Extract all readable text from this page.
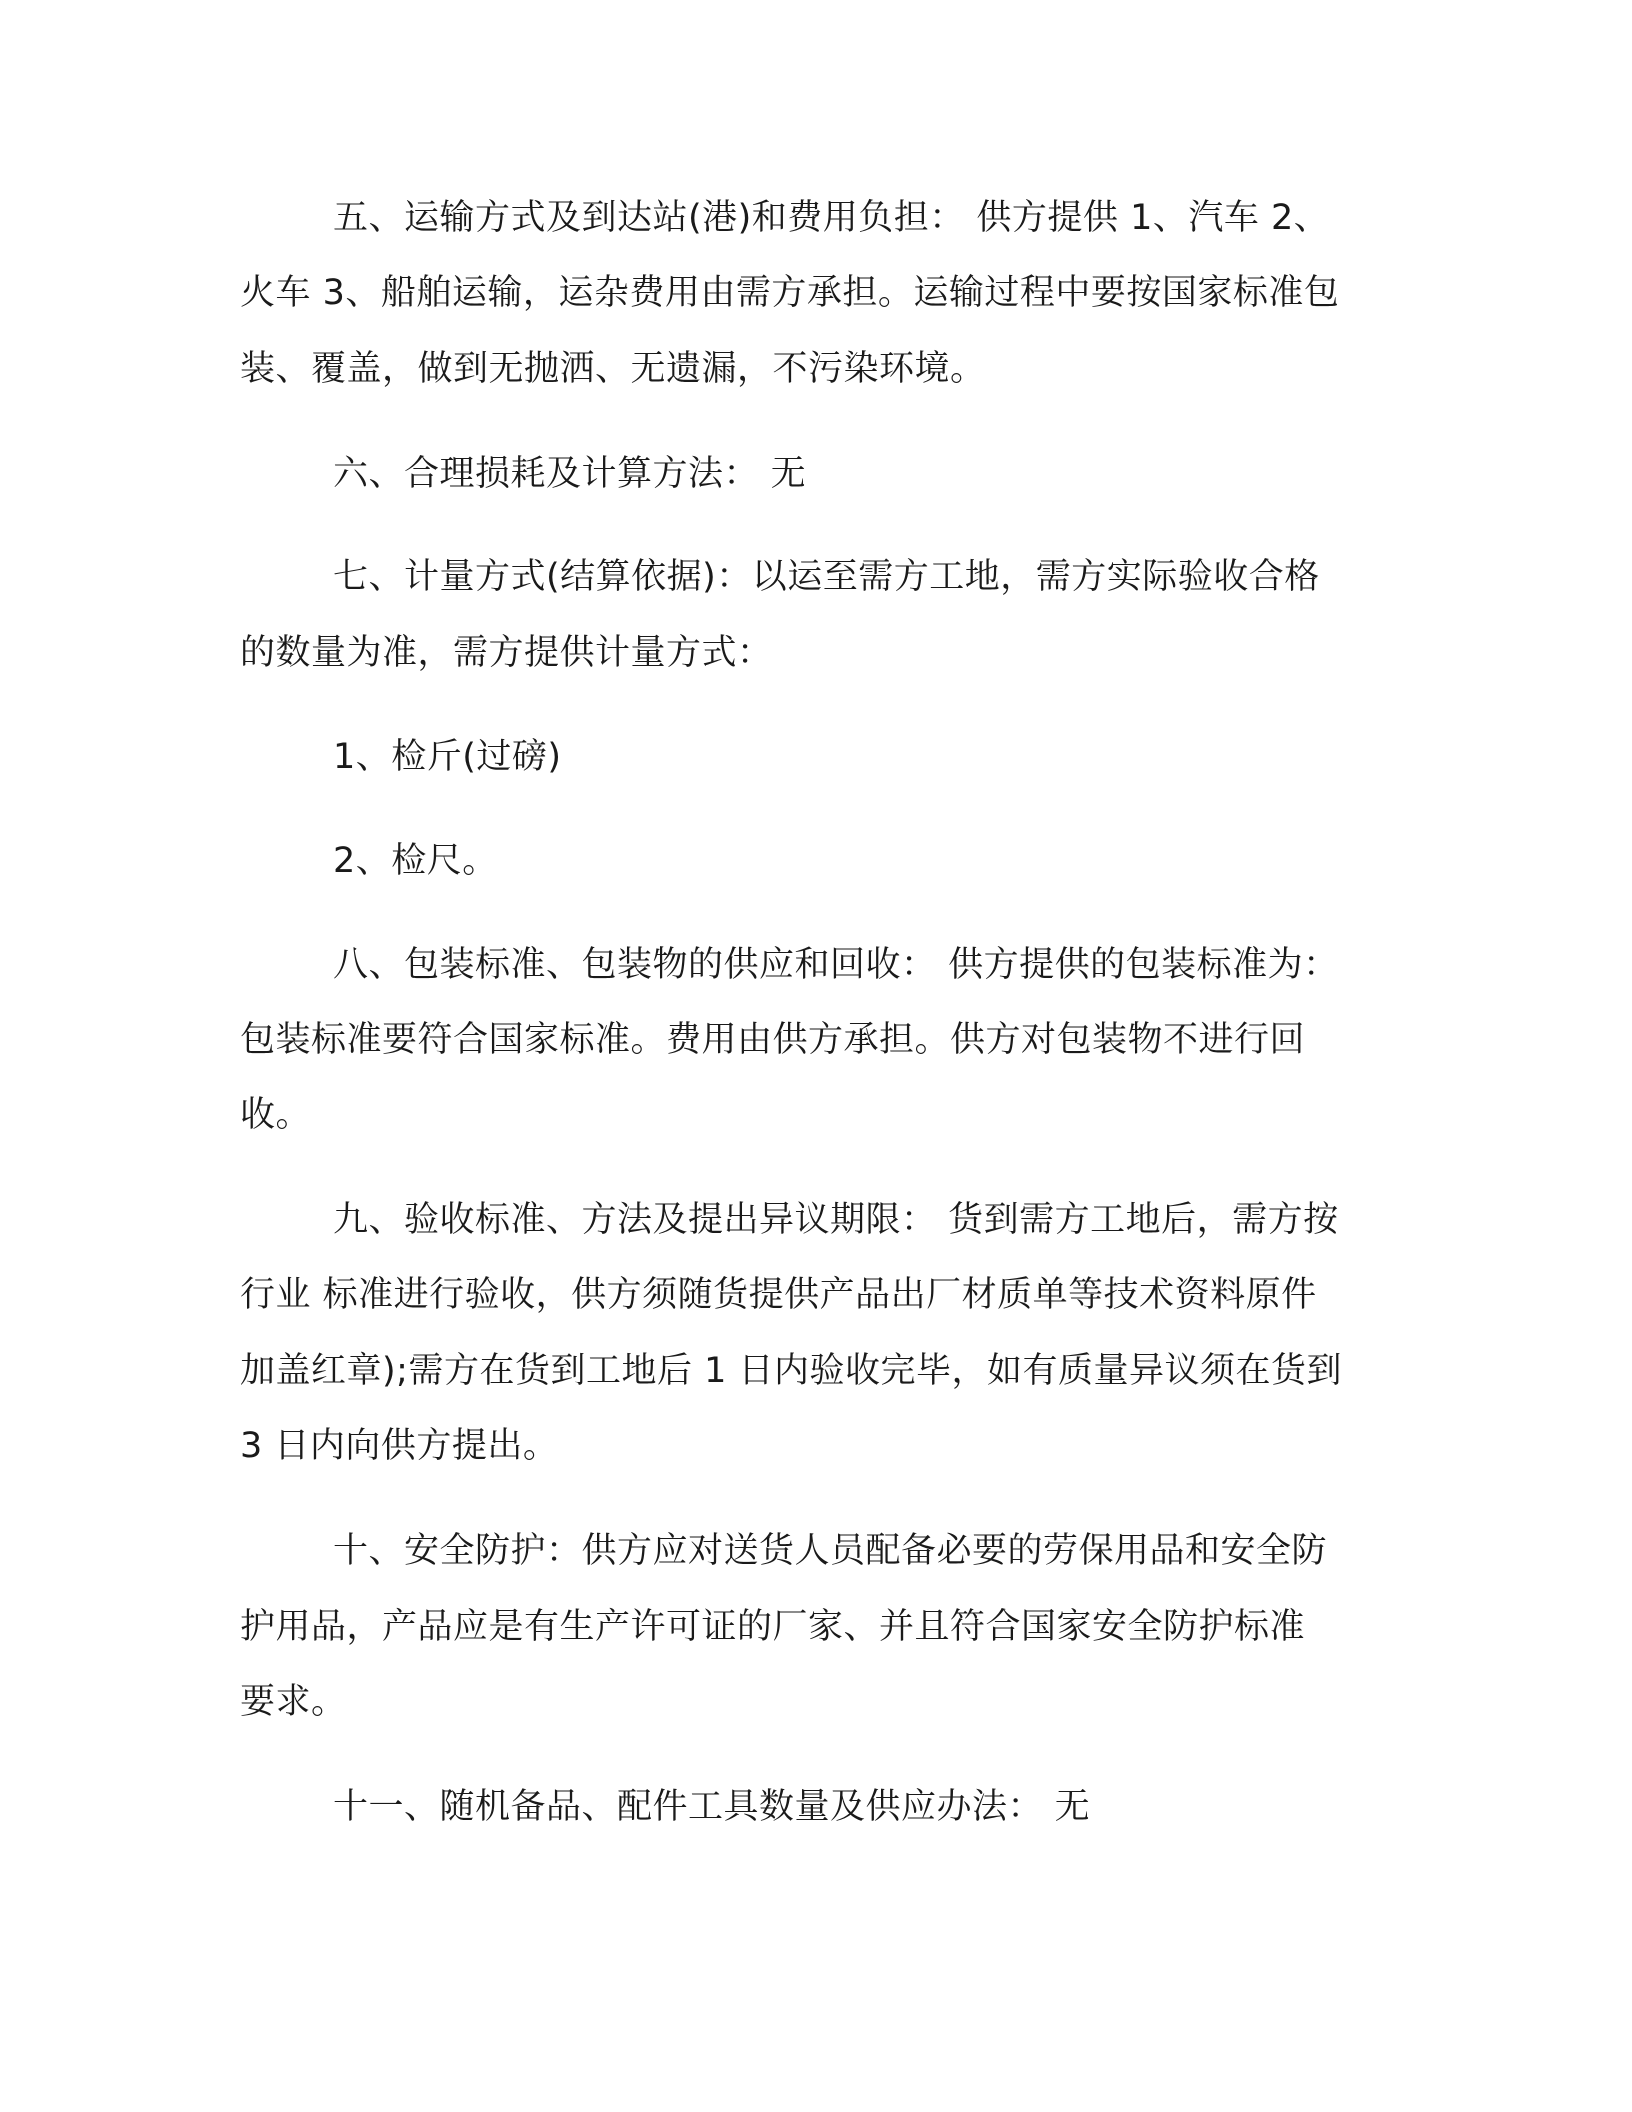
五、运输方式及到达站(港)和费用负担： 供方提供 1、汽车 2、
火车 3、船舶运输，运杂费用由需方承担。运输过程中要按国家标准包
装、覆盖，做到无抛洒、无遗漏，不污染环境。
六、合理损耗及计算方法： 无
七、计量方式(结算依据)：以运至需方工地，需方实际验收合格
的数量为准，需方提供计量方式：
1、检斤(过磅)
2、检尺。
八、包装标准、包装物的供应和回收： 供方提供的包装标准为：
包装标准要符合国家标准。费用由供方承担。供方对包装物不进行回
收。
九、验收标准、方法及提出异议期限： 货到需方工地后，需方按
行业 标准进行验收，供方须随货提供产品出厂材质单等技术资料原件
加盖红章);需方在货到工地后 1 日内验收完毕，如有质量异议须在货到
3 日内向供方提出。
十、安全防护：供方应对送货人员配备必要的劳保用品和安全防
护用品，产品应是有生产许可证的厂家、并且符合国家安全防护标准
要求。
十一、随机备品、配件工具数量及供应办法： 无
